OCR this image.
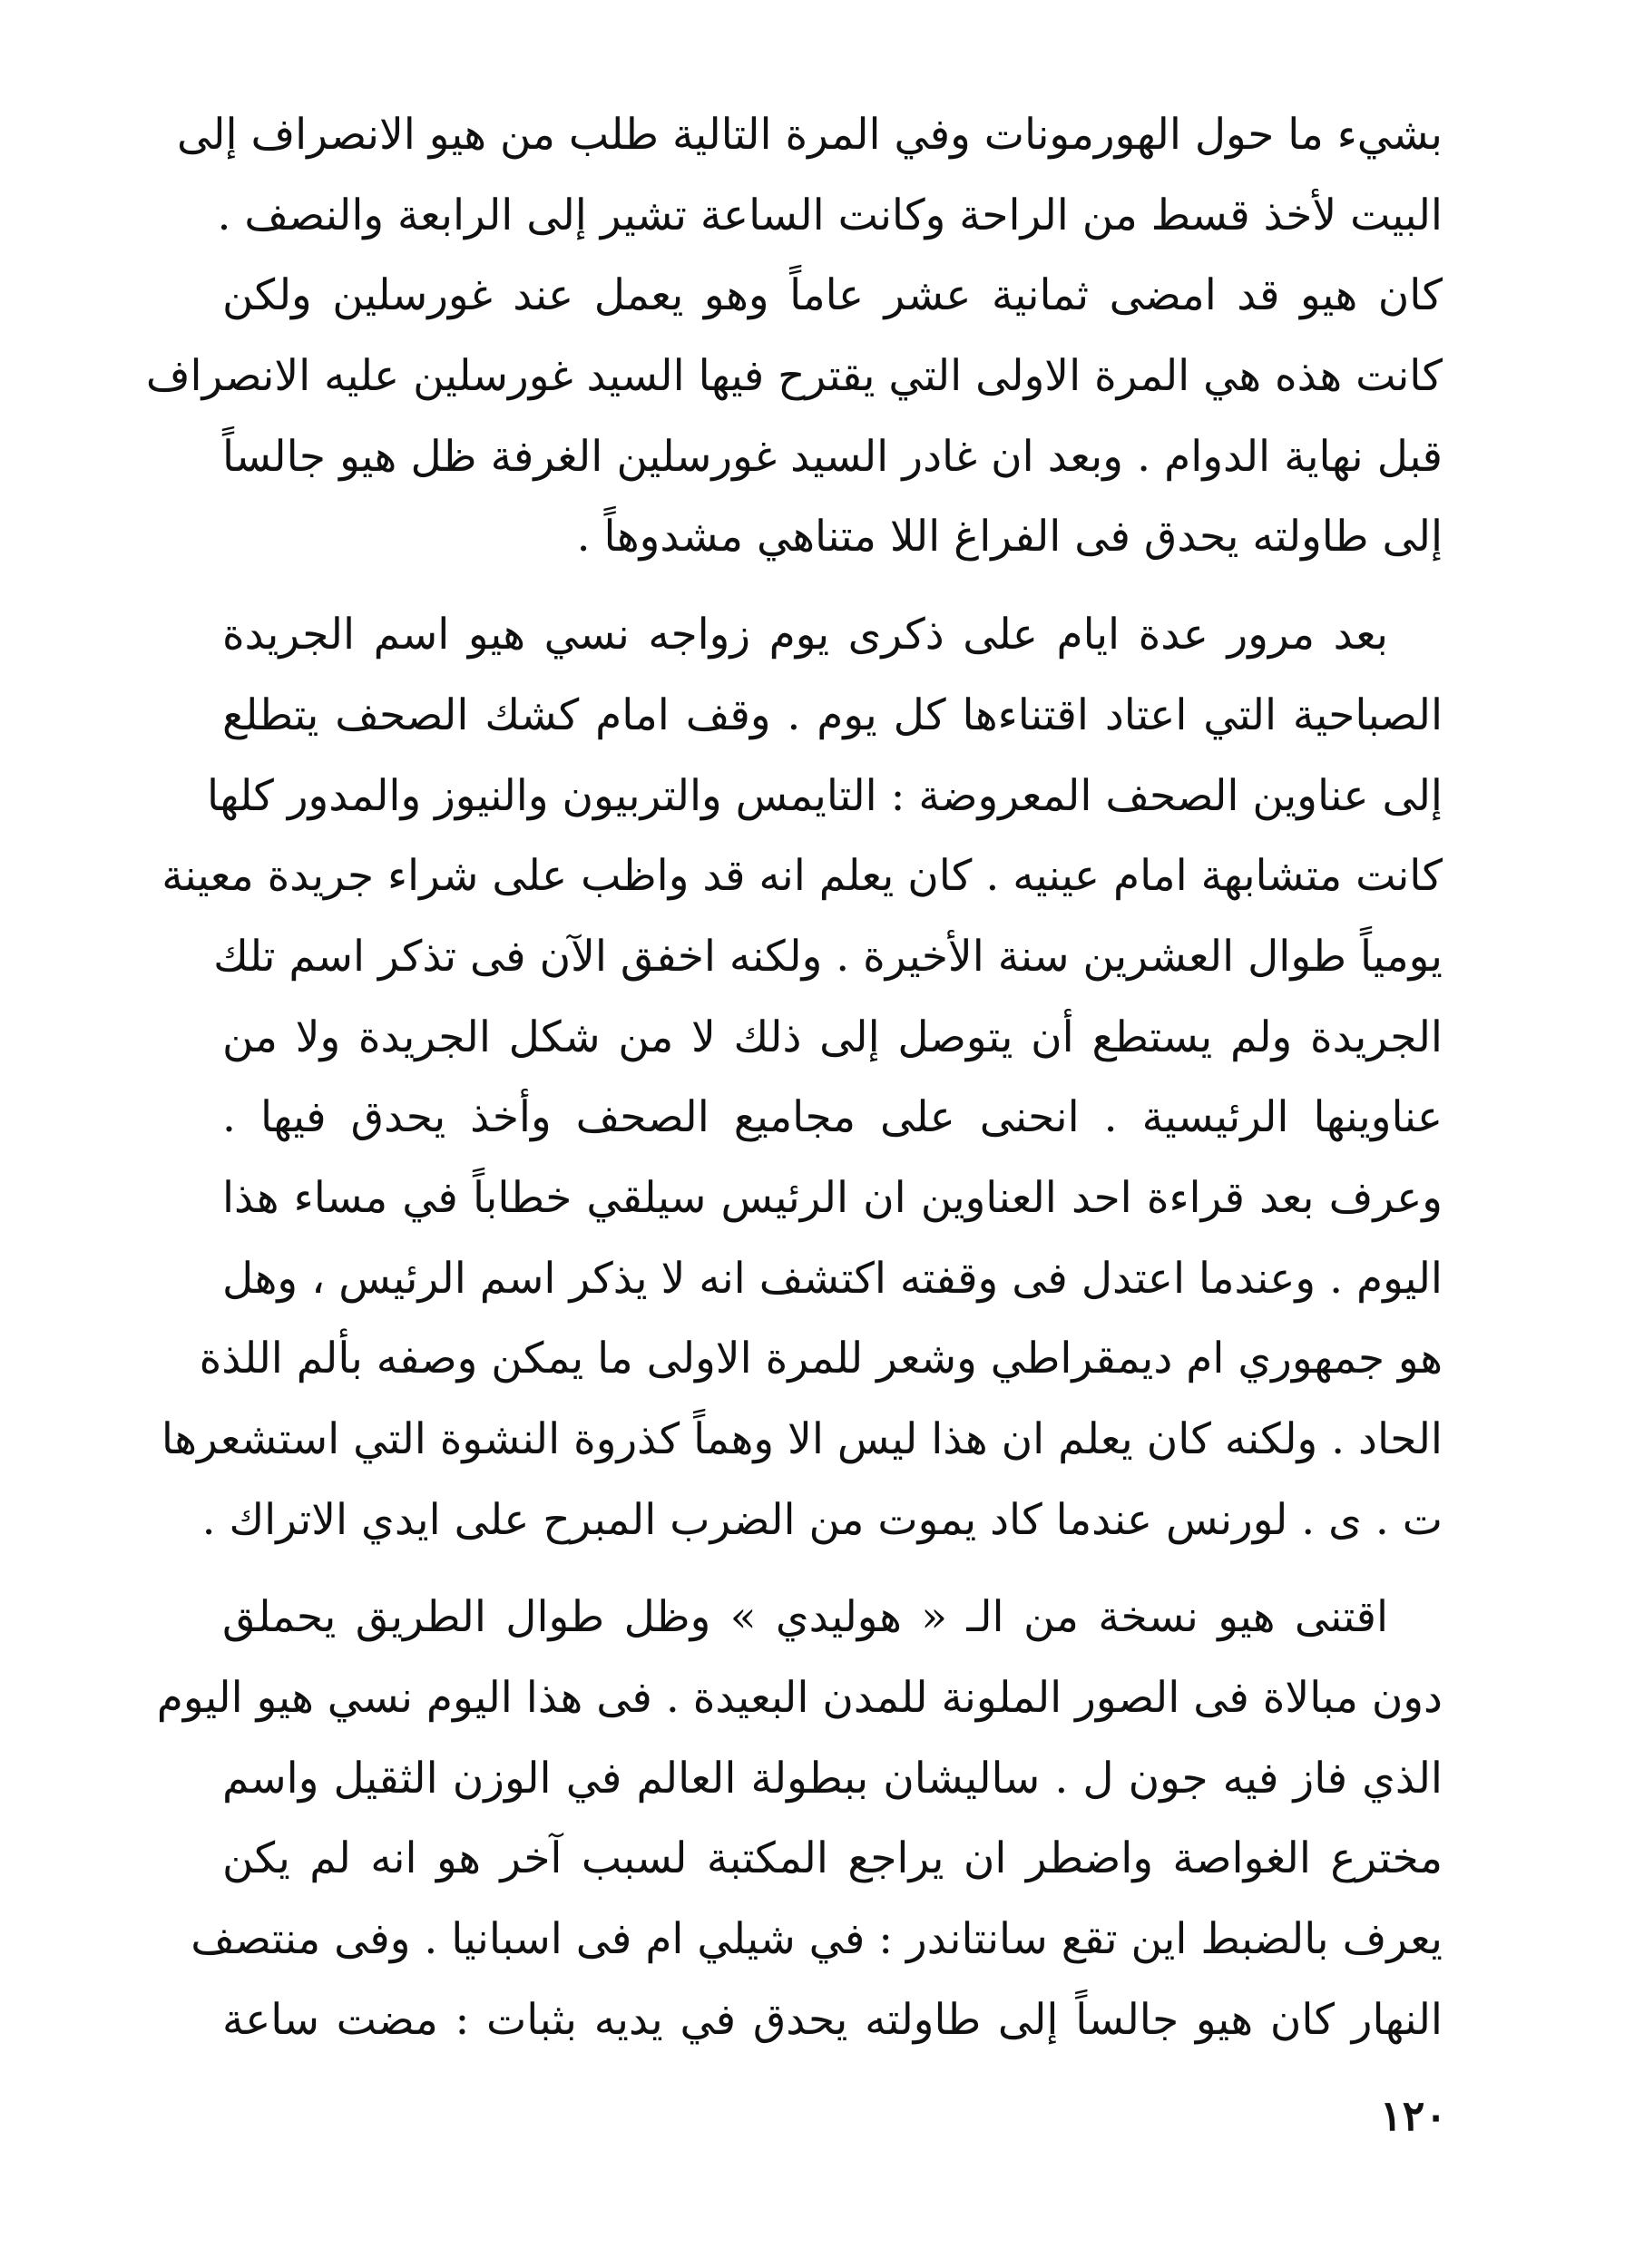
بشيء ما حول الهورمونات وفي المرة التالية طلب من هيو الانصراف إلى
البيت لأخذ قسط من الراحة وكانت الساعة تشير إلى الرابعة والنصف .
كان هيو قد امضى ثمانية عشر عاماً وهو يعمل عند غورسلين ولكن
كانت هذه هي المرة الاولى التي يقترح فيها السيد غورسلين عليه الانصراف
قبل نهاية الدوام . وبعد ان غادر السيد غورسلين الغرفة ظل هيو جالساً
إلى طاولته يحدق فى الفراغ اللا متناهي مشدوهاً .
بعد مرور عدة ايام على ذكرى يوم زواجه نسي هيو اسم الجريدة
الصباحية التي اعتاد اقتناءها كل يوم . وقف امام كشك الصحف يتطلع
إلى عناوين الصحف المعروضة : التايمس والتربيون والنيوز والمدور كلها
كانت متشابهة امام عينيه . كان يعلم انه قد واظب على شراء جريدة معينة
يومياً طوال العشرين سنة الأخيرة . ولكنه اخفق الآن فى تذكر اسم تلك
الجريدة ولم يستطع أن يتوصل إلى ذلك لا من شكل الجريدة ولا من
عناوينها الرئيسية . انحنى على مجاميع الصحف وأخذ يحدق فيها .
وعرف بعد قراءة احد العناوين ان الرئيس سيلقي خطاباً في مساء هذا
اليوم . وعندما اعتدل فى وقفته اكتشف انه لا يذكر اسم الرئيس ، وهل
هو جمهوري ام ديمقراطي وشعر للمرة الاولى ما يمكن وصفه بألم اللذة
الحاد . ولكنه كان يعلم ان هذا ليس الا وهماً كذروة النشوة التي استشعرها
ت . ى . لورنس عندما كاد يموت من الضرب المبرح على ايدي الاتراك .
اقتنى هيو نسخة من الـ « هوليدي » وظل طوال الطريق يحملق
دون مبالاة فى الصور الملونة للمدن البعيدة . فى هذا اليوم نسي هيو اليوم
الذي فاز فيه جون ل . ساليشان ببطولة العالم في الوزن الثقيل واسم
مخترع الغواصة واضطر ان يراجع المكتبة لسبب آخر هو انه لم يكن
يعرف بالضبط اين تقع سانتاندر : في شيلي ام فى اسبانيا . وفى منتصف
النهار كان هيو جالساً إلى طاولته يحدق في يديه بثبات : مضت ساعة
١٢٠
